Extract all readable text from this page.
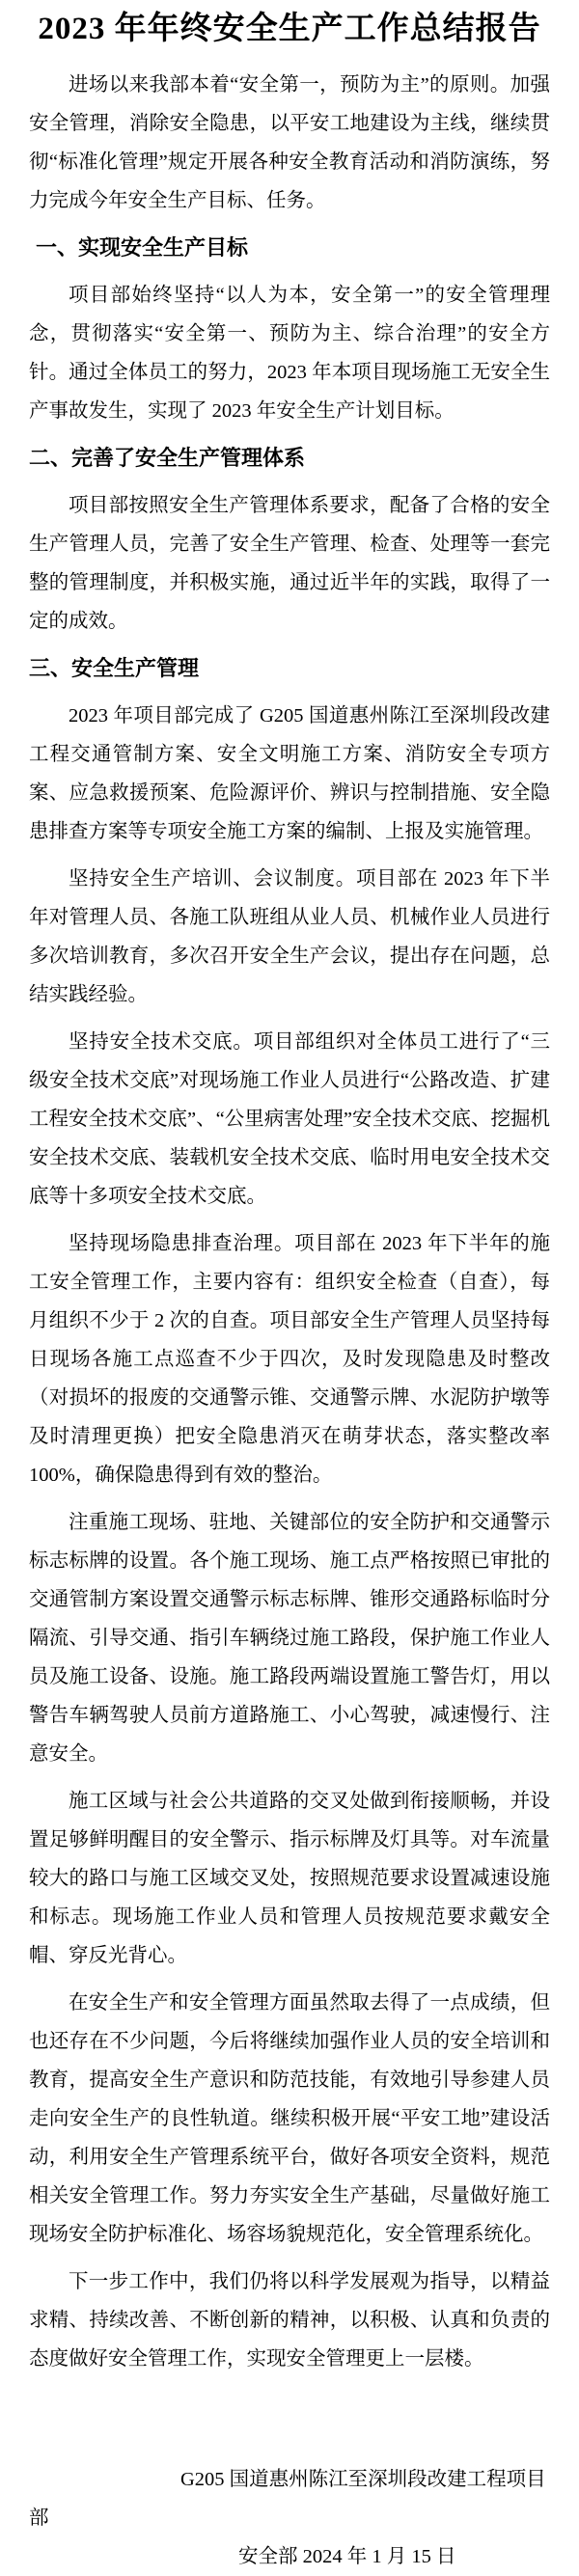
2023 年年终安全生产工作总结报告

进场以来我部本着“安全第一，预防为主”的原则。加强安全管理，消除安全隐患，以平安工地建设为主线，继续贯彻“标准化管理”规定开展各种安全教育活动和消防演练，努力完成今年安全生产目标、任务。

一、实现安全生产目标

项目部始终坚持“以人为本，安全第一”的安全管理理念，贯彻落实“安全第一、预防为主、综合治理”的安全方针。通过全体员工的努力，2023 年本项目现场施工无安全生产事故发生，实现了 2023 年安全生产计划目标。

二、完善了安全生产管理体系

项目部按照安全生产管理体系要求，配备了合格的安全生产管理人员，完善了安全生产管理、检查、处理等一套完整的管理制度，并积极实施，通过近半年的实践，取得了一定的成效。

三、安全生产管理

2023 年项目部完成了 G205 国道惠州陈江至深圳段改建工程交通管制方案、安全文明施工方案、消防安全专项方案、应急救援预案、危险源评价、辨识与控制措施、安全隐患排查方案等专项安全施工方案的编制、上报及实施管理。

坚持安全生产培训、会议制度。项目部在 2023 年下半年对管理人员、各施工队班组从业人员、机械作业人员进行多次培训教育，多次召开安全生产会议，提出存在问题，总结实践经验。

坚持安全技术交底。项目部组织对全体员工进行了“三级安全技术交底”对现场施工作业人员进行“公路改造、扩建工程安全技术交底”、“公里病害处理”安全技术交底、挖掘机安全技术交底、装载机安全技术交底、临时用电安全技术交底等十多项安全技术交底。

坚持现场隐患排查治理。项目部在 2023 年下半年的施工安全管理工作，主要内容有：组织安全检查（自查），每月组织不少于 2 次的自查。项目部安全生产管理人员坚持每日现场各施工点巡查不少于四次，及时发现隐患及时整改（对损坏的报废的交通警示锥、交通警示牌、水泥防护墩等及时清理更换）把安全隐患消灭在萌芽状态，落实整改率 100%，确保隐患得到有效的整治。

注重施工现场、驻地、关键部位的安全防护和交通警示标志标牌的设置。各个施工现场、施工点严格按照已审批的交通管制方案设置交通警示标志标牌、锥形交通路标临时分隔流、引导交通、指引车辆绕过施工路段，保护施工作业人员及施工设备、设施。施工路段两端设置施工警告灯，用以警告车辆驾驶人员前方道路施工、小心驾驶，减速慢行、注意安全。

施工区域与社会公共道路的交叉处做到衔接顺畅，并设置足够鲜明醒目的安全警示、指示标牌及灯具等。对车流量较大的路口与施工区域交叉处，按照规范要求设置减速设施和标志。现场施工作业人员和管理人员按规范要求戴安全帽、穿反光背心。

在安全生产和安全管理方面虽然取去得了一点成绩，但也还存在不少问题，今后将继续加强作业人员的安全培训和教育，提高安全生产意识和防范技能，有效地引导参建人员走向安全生产的良性轨道。继续积极开展“平安工地”建设活动，利用安全生产管理系统平台，做好各项安全资料，规范相关安全管理工作。努力夯实安全生产基础，尽量做好施工现场安全防护标准化、场容场貌规范化，安全管理系统化。

下一步工作中，我们仍将以科学发展观为指导，以精益求精、持续改善、不断创新的精神，以积极、认真和负责的态度做好安全管理工作，实现安全管理更上一层楼。

G205 国道惠州陈江至深圳段改建工程项目部

安全部 2024 年 1 月 15 日
